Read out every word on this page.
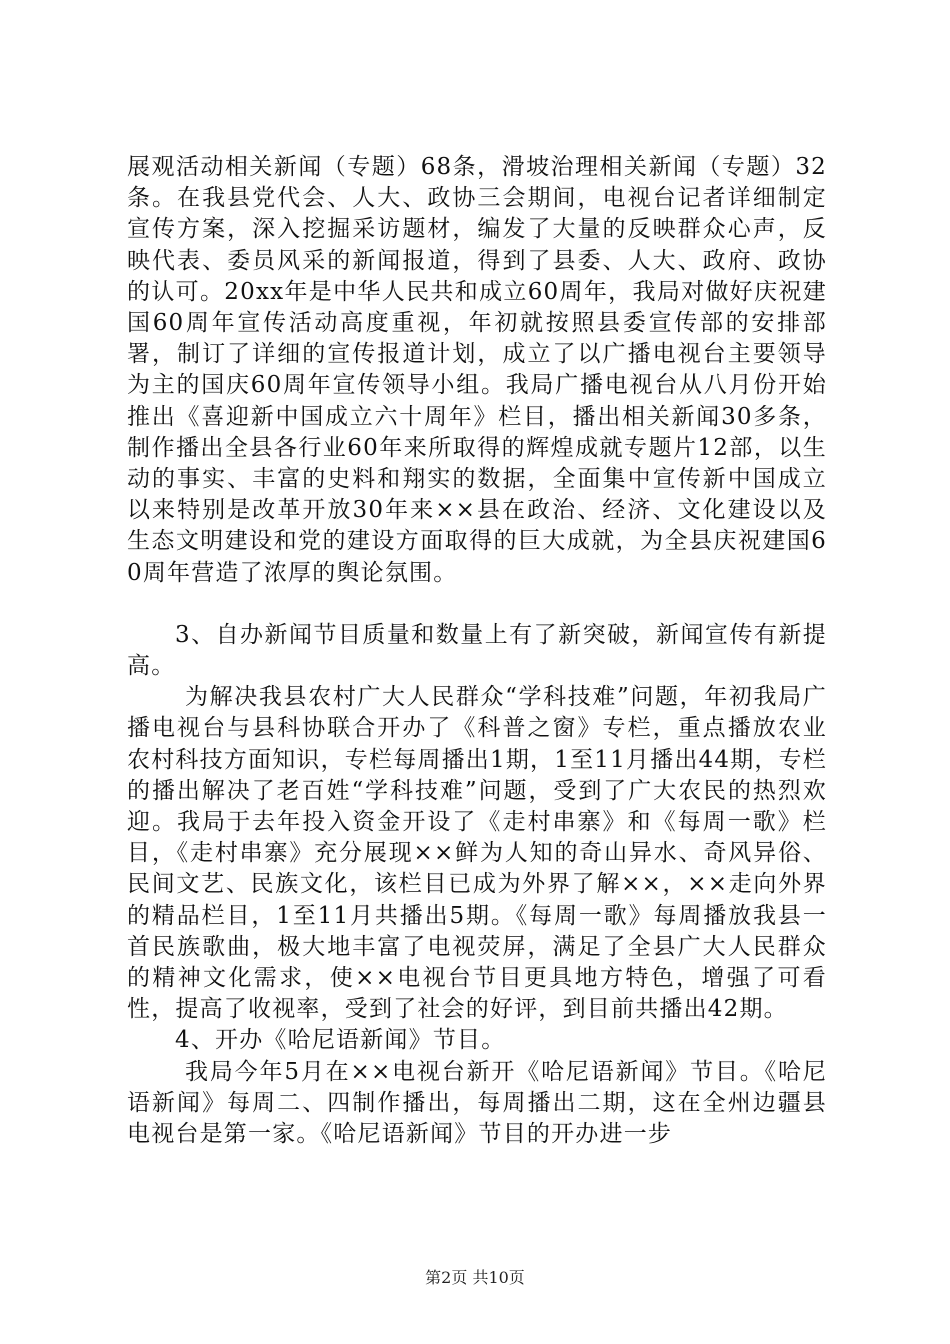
展观活动相关新闻（专题）68条，滑坡治理相关新闻（专题）32条。在我县党代会、人大、政协三会期间，电视台记者详细制定宣传方案，深入挖掘采访题材，编发了大量的反映群众心声，反映代表、委员风采的新闻报道，得到了县委、人大、政府、政协的认可。20xx年是中华人民共和成立60周年，我局对做好庆祝建国60周年宣传活动高度重视，年初就按照县委宣传部的安排部署，制订了详细的宣传报道计划，成立了以广播电视台主要领导为主的国庆60周年宣传领导小组。我局广播电视台从八月份开始推出《喜迎新中国成立六十周年》栏目，播出相关新闻30多条，制作播出全县各行业60年来所取得的辉煌成就专题片12部，以生动的事实、丰富的史料和翔实的数据，全面集中宣传新中国成立以来特别是改革开放30年来××县在政治、经济、文化建设以及生态文明建设和党的建设方面取得的巨大成就，为全县庆祝建国60周年营造了浓厚的舆论氛围。

3、自办新闻节目质量和数量上有了新突破，新闻宣传有新提高。

为解决我县农村广大人民群众“学科技难”问题，年初我局广播电视台与县科协联合开办了《科普之窗》专栏，重点播放农业农村科技方面知识，专栏每周播出1期，1至11月播出44期，专栏的播出解决了老百姓“学科技难”问题，受到了广大农民的热烈欢迎。我局于去年投入资金开设了《走村串寨》和《每周一歌》栏目，《走村串寨》充分展现××鲜为人知的奇山异水、奇风异俗、民间文艺、民族文化，该栏目已成为外界了解××，××走向外界的精品栏目，1至11月共播出5期。《每周一歌》每周播放我县一首民族歌曲，极大地丰富了电视荧屏，满足了全县广大人民群众的精神文化需求，使××电视台节目更具地方特色，增强了可看性，提高了收视率，受到了社会的好评，到目前共播出42期。

4、开办《哈尼语新闻》节目。

我局今年5月在××电视台新开《哈尼语新闻》节目。《哈尼语新闻》每周二、四制作播出，每周播出二期，这在全州边疆县电视台是第一家。《哈尼语新闻》节目的开办进一步

第2页 共10页
